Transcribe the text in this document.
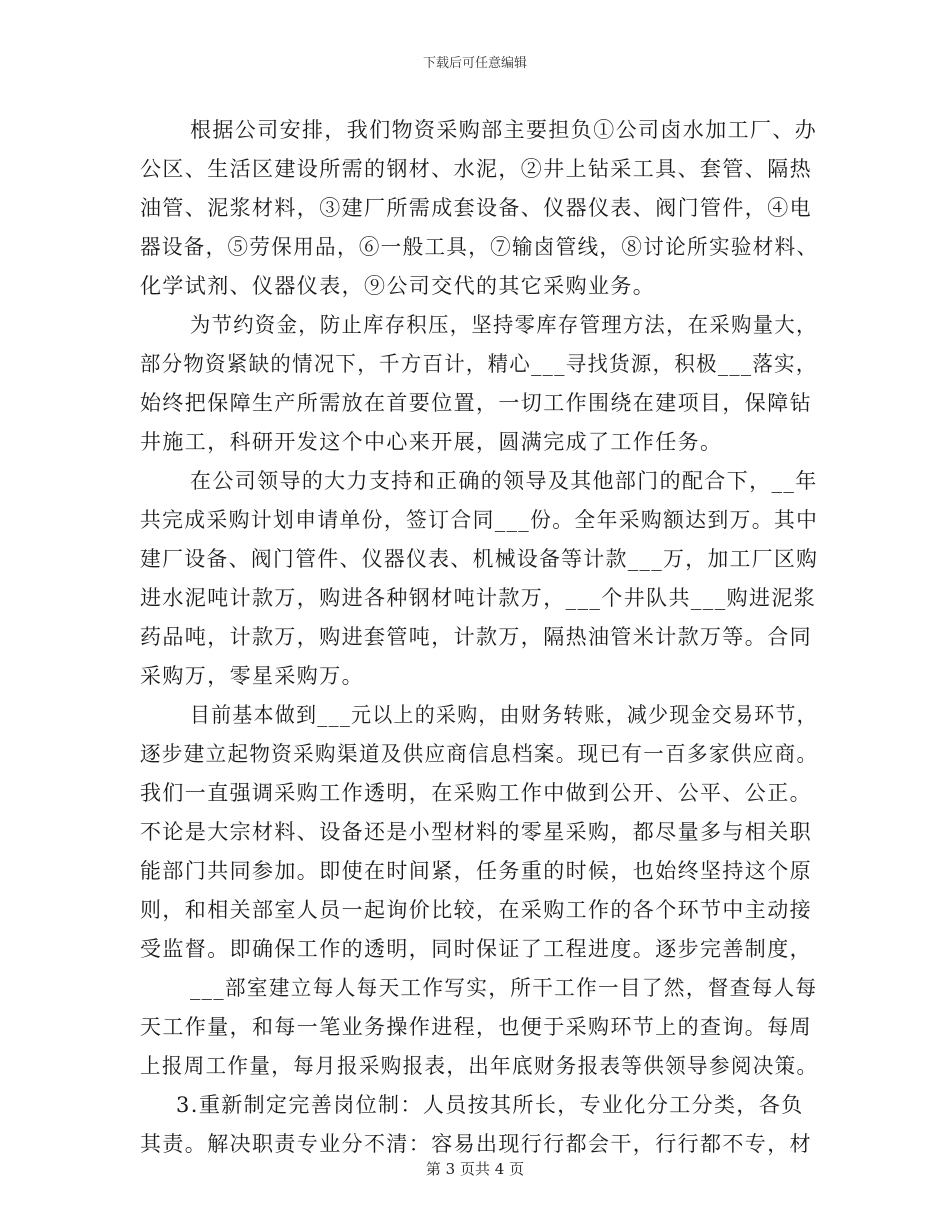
下载后可任意编辑
根据公司安排，我们物资采购部主要担负①公司卤水加工厂、办
公区、生活区建设所需的钢材、水泥，②井上钻采工具、套管、隔热
油管、泥浆材料，③建厂所需成套设备、仪器仪表、阀门管件，④电
器设备，⑤劳保用品，⑥一般工具，⑦输卤管线，⑧讨论所实验材料、
化学试剂、仪器仪表，⑨公司交代的其它采购业务。
为节约资金，防止库存积压，坚持零库存管理方法，在采购量大，
部分物资紧缺的情况下，千方百计，精心___寻找货源，积极___落实，
始终把保障生产所需放在首要位置，一切工作围绕在建项目，保障钻
井施工，科研开发这个中心来开展，圆满完成了工作任务。
在公司领导的大力支持和正确的领导及其他部门的配合下，__年
共完成采购计划申请单份，签订合同___份。全年采购额达到万。其中
建厂设备、阀门管件、仪器仪表、机械设备等计款___万，加工厂区购
进水泥吨计款万，购进各种钢材吨计款万，___个井队共___购进泥浆
药品吨，计款万，购进套管吨，计款万，隔热油管米计款万等。合同
采购万，零星采购万。
目前基本做到___元以上的采购，由财务转账，减少现金交易环节，
逐步建立起物资采购渠道及供应商信息档案。现已有一百多家供应商。
我们一直强调采购工作透明，在采购工作中做到公开、公平、公正。
不论是大宗材料、设备还是小型材料的零星采购，都尽量多与相关职
能部门共同参加。即使在时间紧，任务重的时候，也始终坚持这个原
则，和相关部室人员一起询价比较，在采购工作的各个环节中主动接
受监督。即确保工作的透明，同时保证了工程进度。逐步完善制度，
___部室建立每人每天工作写实，所干工作一目了然，督查每人每
天工作量，和每一笔业务操作进程，也便于采购环节上的查询。每周
上报周工作量，每月报采购报表，出年底财务报表等供领导参阅决策。
3.重新制定完善岗位制：人员按其所长，专业化分工分类，各负
其责。解决职责专业分不清：容易出现行行都会干，行行都不专，材
第 3 页共 4 页
